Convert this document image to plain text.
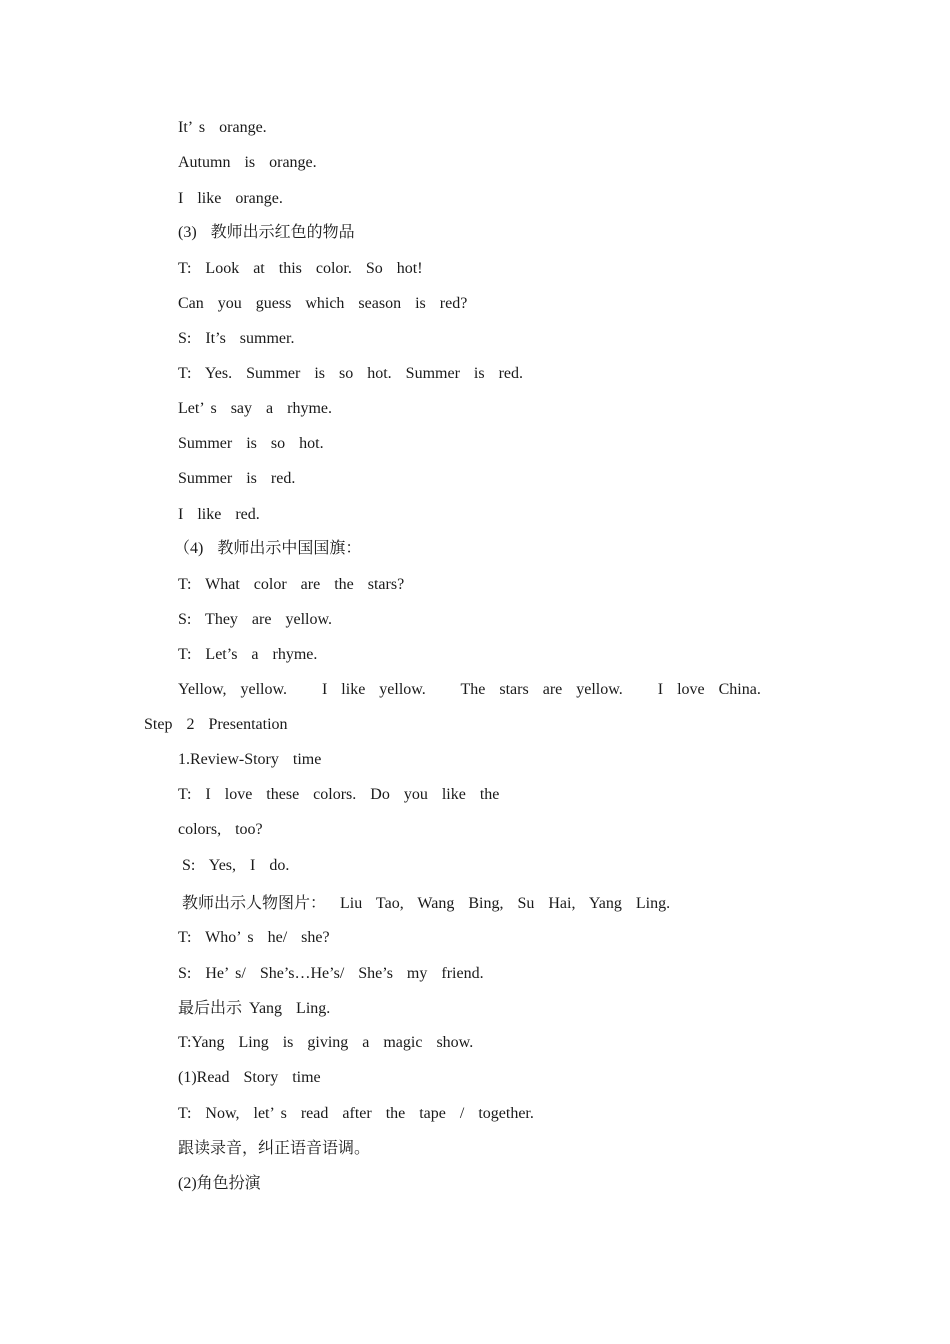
It’ s  orange.
Autumn  is  orange.
I  like  orange.
(3)  教师出示红色的物品
T:  Look  at  this  color.  So  hot!
Can  you  guess  which  season  is  red?
S:  It’s  summer.
T:  Yes.  Summer  is  so  hot.  Summer  is  red.
Let’ s  say  a  rhyme.
Summer  is  so  hot.
Summer  is  red.
I  like  red.
（4)  教师出示中国国旗：
T:  What  color  are  the  stars?
S:  They  are  yellow.
T:  Let’s  a  rhyme.
Yellow,  yellow.     I  like  yellow.     The  stars  are  yellow.     I  love  China.
Step  2  Presentation
1.Review-Story  time
T:  I  love  these  colors.  Do  you  like  the
colors,  too?
S:  Yes,  I  do.
教师出示人物图片：  Liu  Tao,  Wang  Bing,  Su  Hai,  Yang  Ling.
T:  Who’ s  he/  she?
S:  He’ s/  She’s…He’s/  She’s  my  friend.
最后出示 Yang  Ling.
T:Yang  Ling  is  giving  a  magic  show.
(1)Read  Story  time
T:  Now,  let’ s  read  after  the  tape  /  together.
跟读录音，纠正语音语调。
(2)角色扮演
